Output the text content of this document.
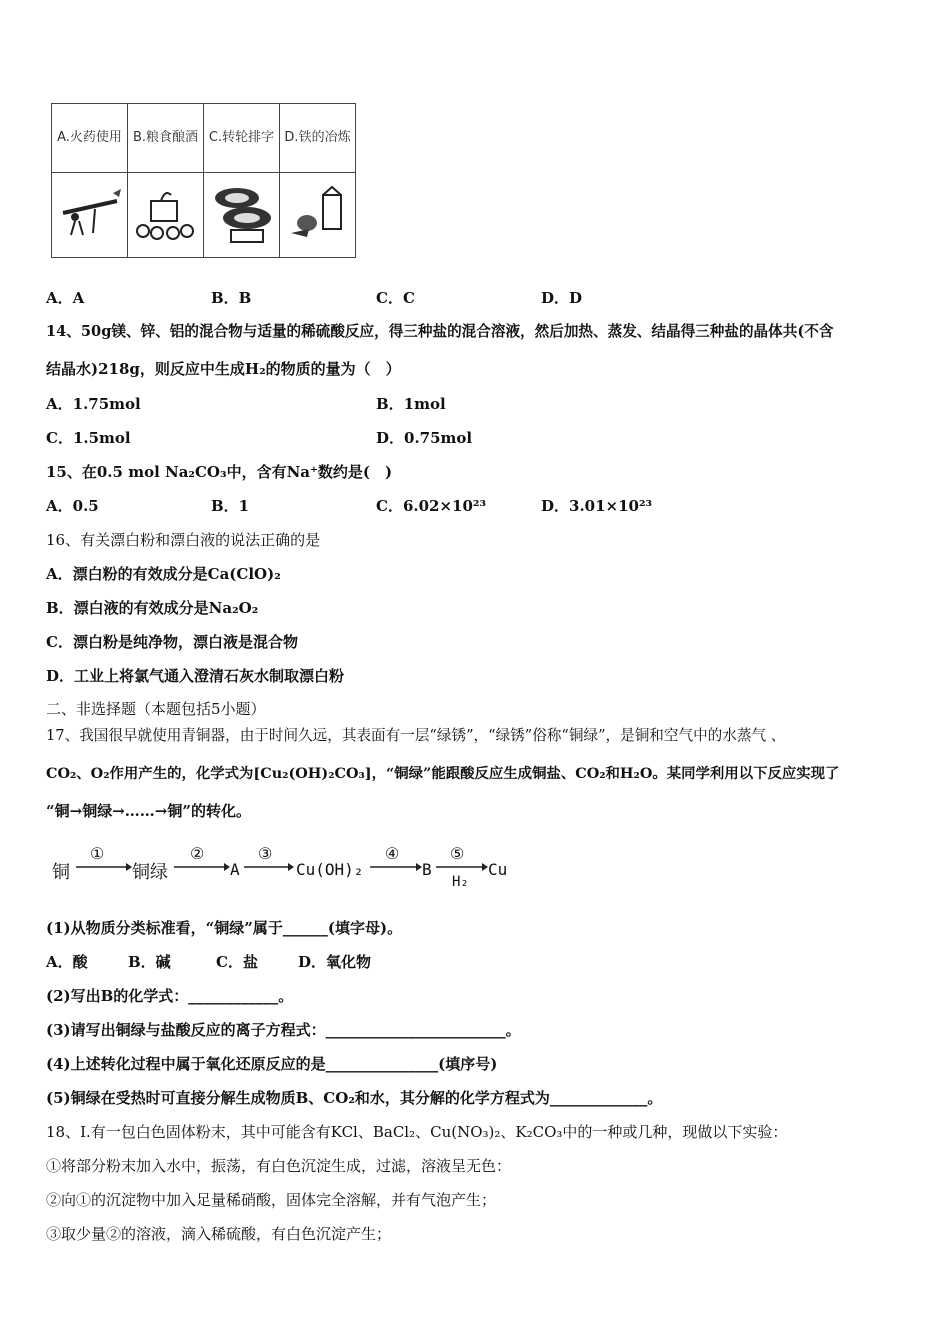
A.火药使用	B.粮食酿酒	C.转轮排字	D.铁的冶炼

A．A	B．B	C．C	D．D
14、50g镁、锌、铝的混合物与适量的稀硫酸反应，得三种盐的混合溶液，然后加热、蒸发、结晶得三种盐的晶体共(不含
结晶水)218g，则反应中生成H₂的物质的量为（　）
A．1.75mol	B．1mol
C．1.5mol	D．0.75mol
15、在0.5 mol Na₂CO₃中，含有Na⁺数约是(　)
A．0.5	B．1	C．6.02×10²³	D．3.01×10²³
16、有关漂白粉和漂白液的说法正确的是
A．漂白粉的有效成分是Ca(ClO)₂
B．漂白液的有效成分是Na₂O₂
C．漂白粉是纯净物，漂白液是混合物
D．工业上将氯气通入澄清石灰水制取漂白粉
二、非选择题（本题包括5小题）
17、我国很早就使用青铜器，由于时间久远，其表面有一层“绿锈”，“绿锈”俗称“铜绿”，是铜和空气中的水蒸气 、
CO₂、O₂作用产生的，化学式为[Cu₂(OH)₂CO₃]，“铜绿”能跟酸反应生成铜盐、CO₂和H₂O。某同学利用以下反应实现了
“铜→铜绿→……→铜”的转化。
铜
①
铜绿
②
A
③
Cu(OH)₂
④
B
⑤
H₂
Cu
(1)从物质分类标准看，“铜绿”属于______(填字母)。
A．酸	B．碱	C．盐	D．氧化物
(2)写出B的化学式：____________。
(3)请写出铜绿与盐酸反应的离子方程式：________________________。
(4)上述转化过程中属于氧化还原反应的是_______________(填序号)
(5)铜绿在受热时可直接分解生成物质B、CO₂和水，其分解的化学方程式为_____________。
18、Ⅰ.有一包白色固体粉末，其中可能含有KCl、BaCl₂、Cu(NO₃)₂、K₂CO₃中的一种或几种，现做以下实验：
①将部分粉末加入水中，振荡，有白色沉淀生成，过滤，溶液呈无色：
②向①的沉淀物中加入足量稀硝酸，固体完全溶解，并有气泡产生；
③取少量②的溶液，滴入稀硫酸，有白色沉淀产生；
